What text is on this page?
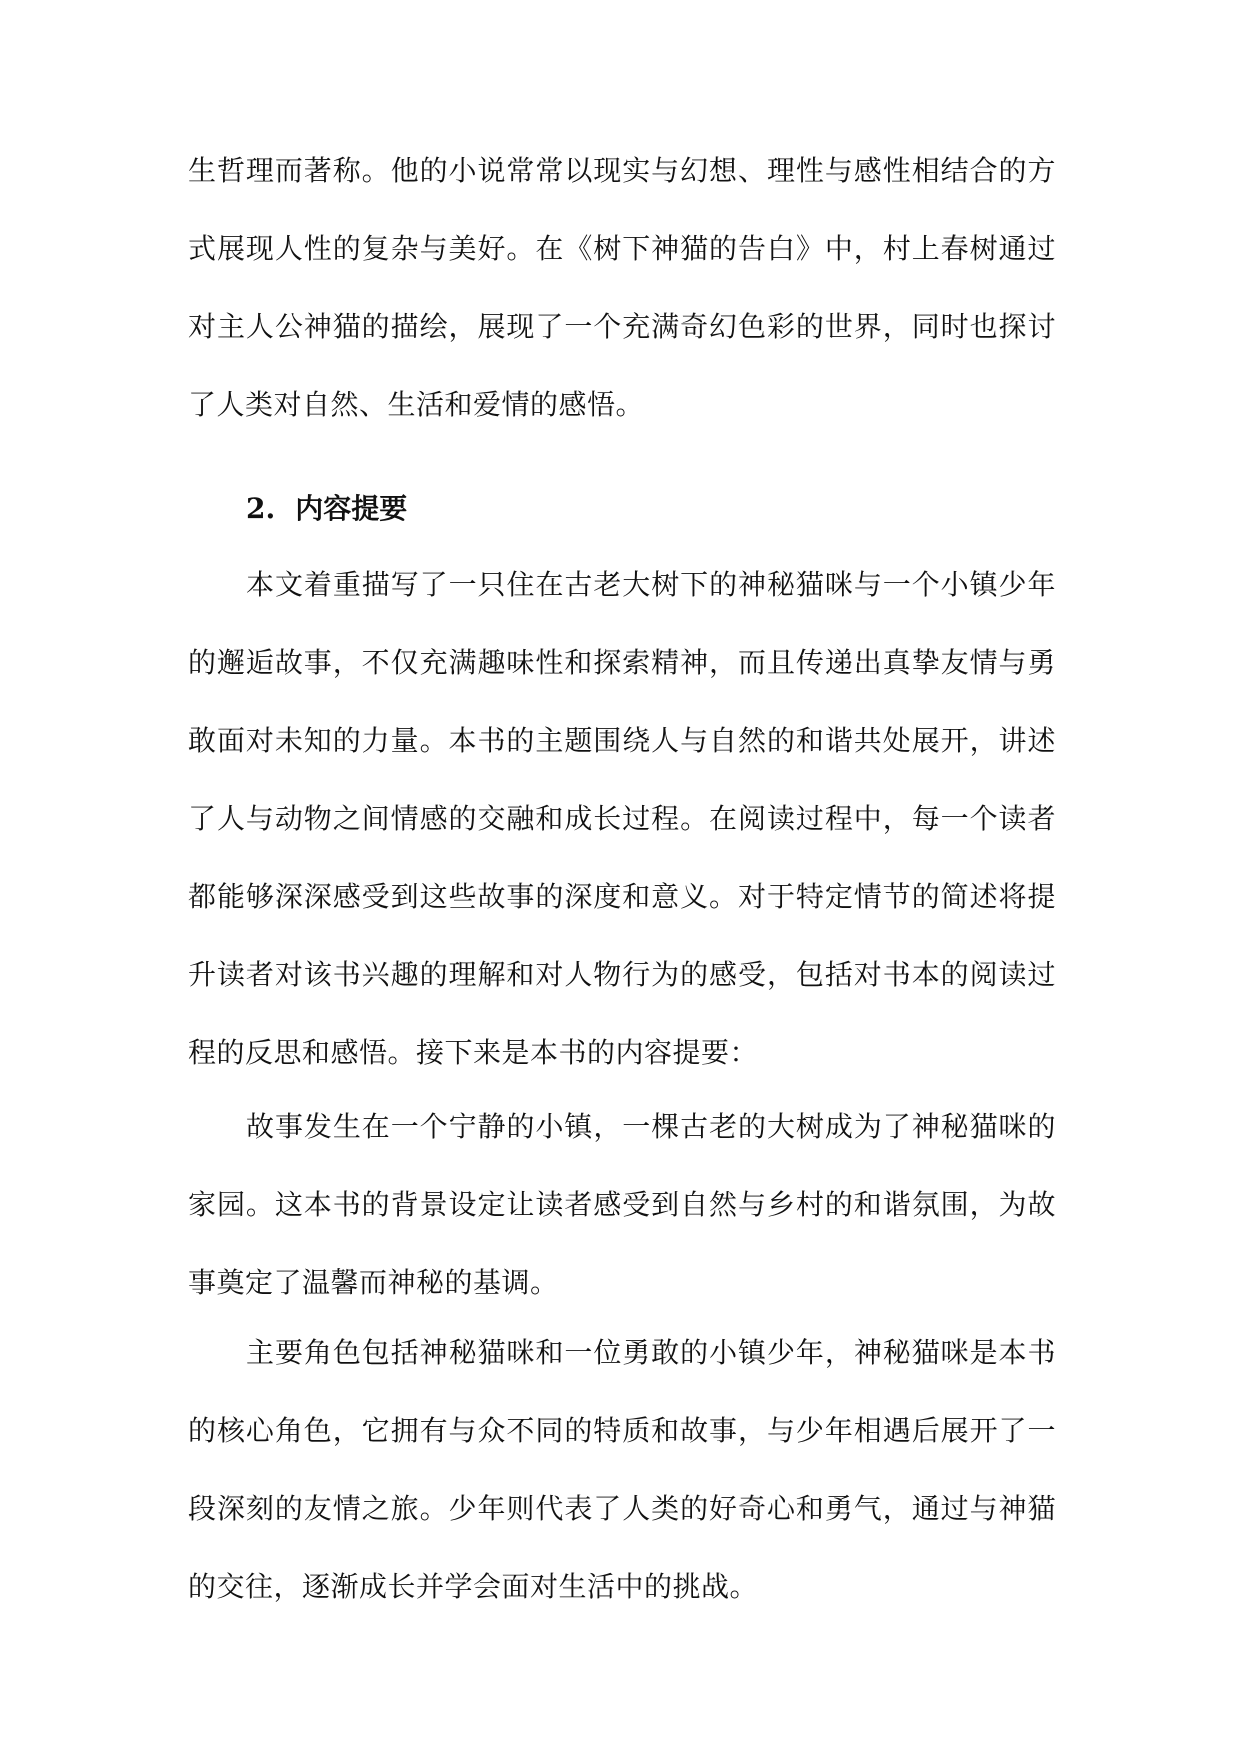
生哲理而著称。他的小说常常以现实与幻想、理性与感性相结合的方式展现人性的复杂与美好。在《树下神猫的告白》中，村上春树通过对主人公神猫的描绘，展现了一个充满奇幻色彩的世界，同时也探讨了人类对自然、生活和爱情的感悟。

2. 内容提要

本文着重描写了一只住在古老大树下的神秘猫咪与一个小镇少年的邂逅故事，不仅充满趣味性和探索精神，而且传递出真挚友情与勇敢面对未知的力量。本书的主题围绕人与自然的和谐共处展开，讲述了人与动物之间情感的交融和成长过程。在阅读过程中，每一个读者都能够深深感受到这些故事的深度和意义。对于特定情节的简述将提升读者对该书兴趣的理解和对人物行为的感受，包括对书本的阅读过程的反思和感悟。接下来是本书的内容提要：

故事发生在一个宁静的小镇，一棵古老的大树成为了神秘猫咪的家园。这本书的背景设定让读者感受到自然与乡村的和谐氛围，为故事奠定了温馨而神秘的基调。

主要角色包括神秘猫咪和一位勇敢的小镇少年，神秘猫咪是本书的核心角色，它拥有与众不同的特质和故事，与少年相遇后展开了一段深刻的友情之旅。少年则代表了人类的好奇心和勇气，通过与神猫的交往，逐渐成长并学会面对生活中的挑战。
